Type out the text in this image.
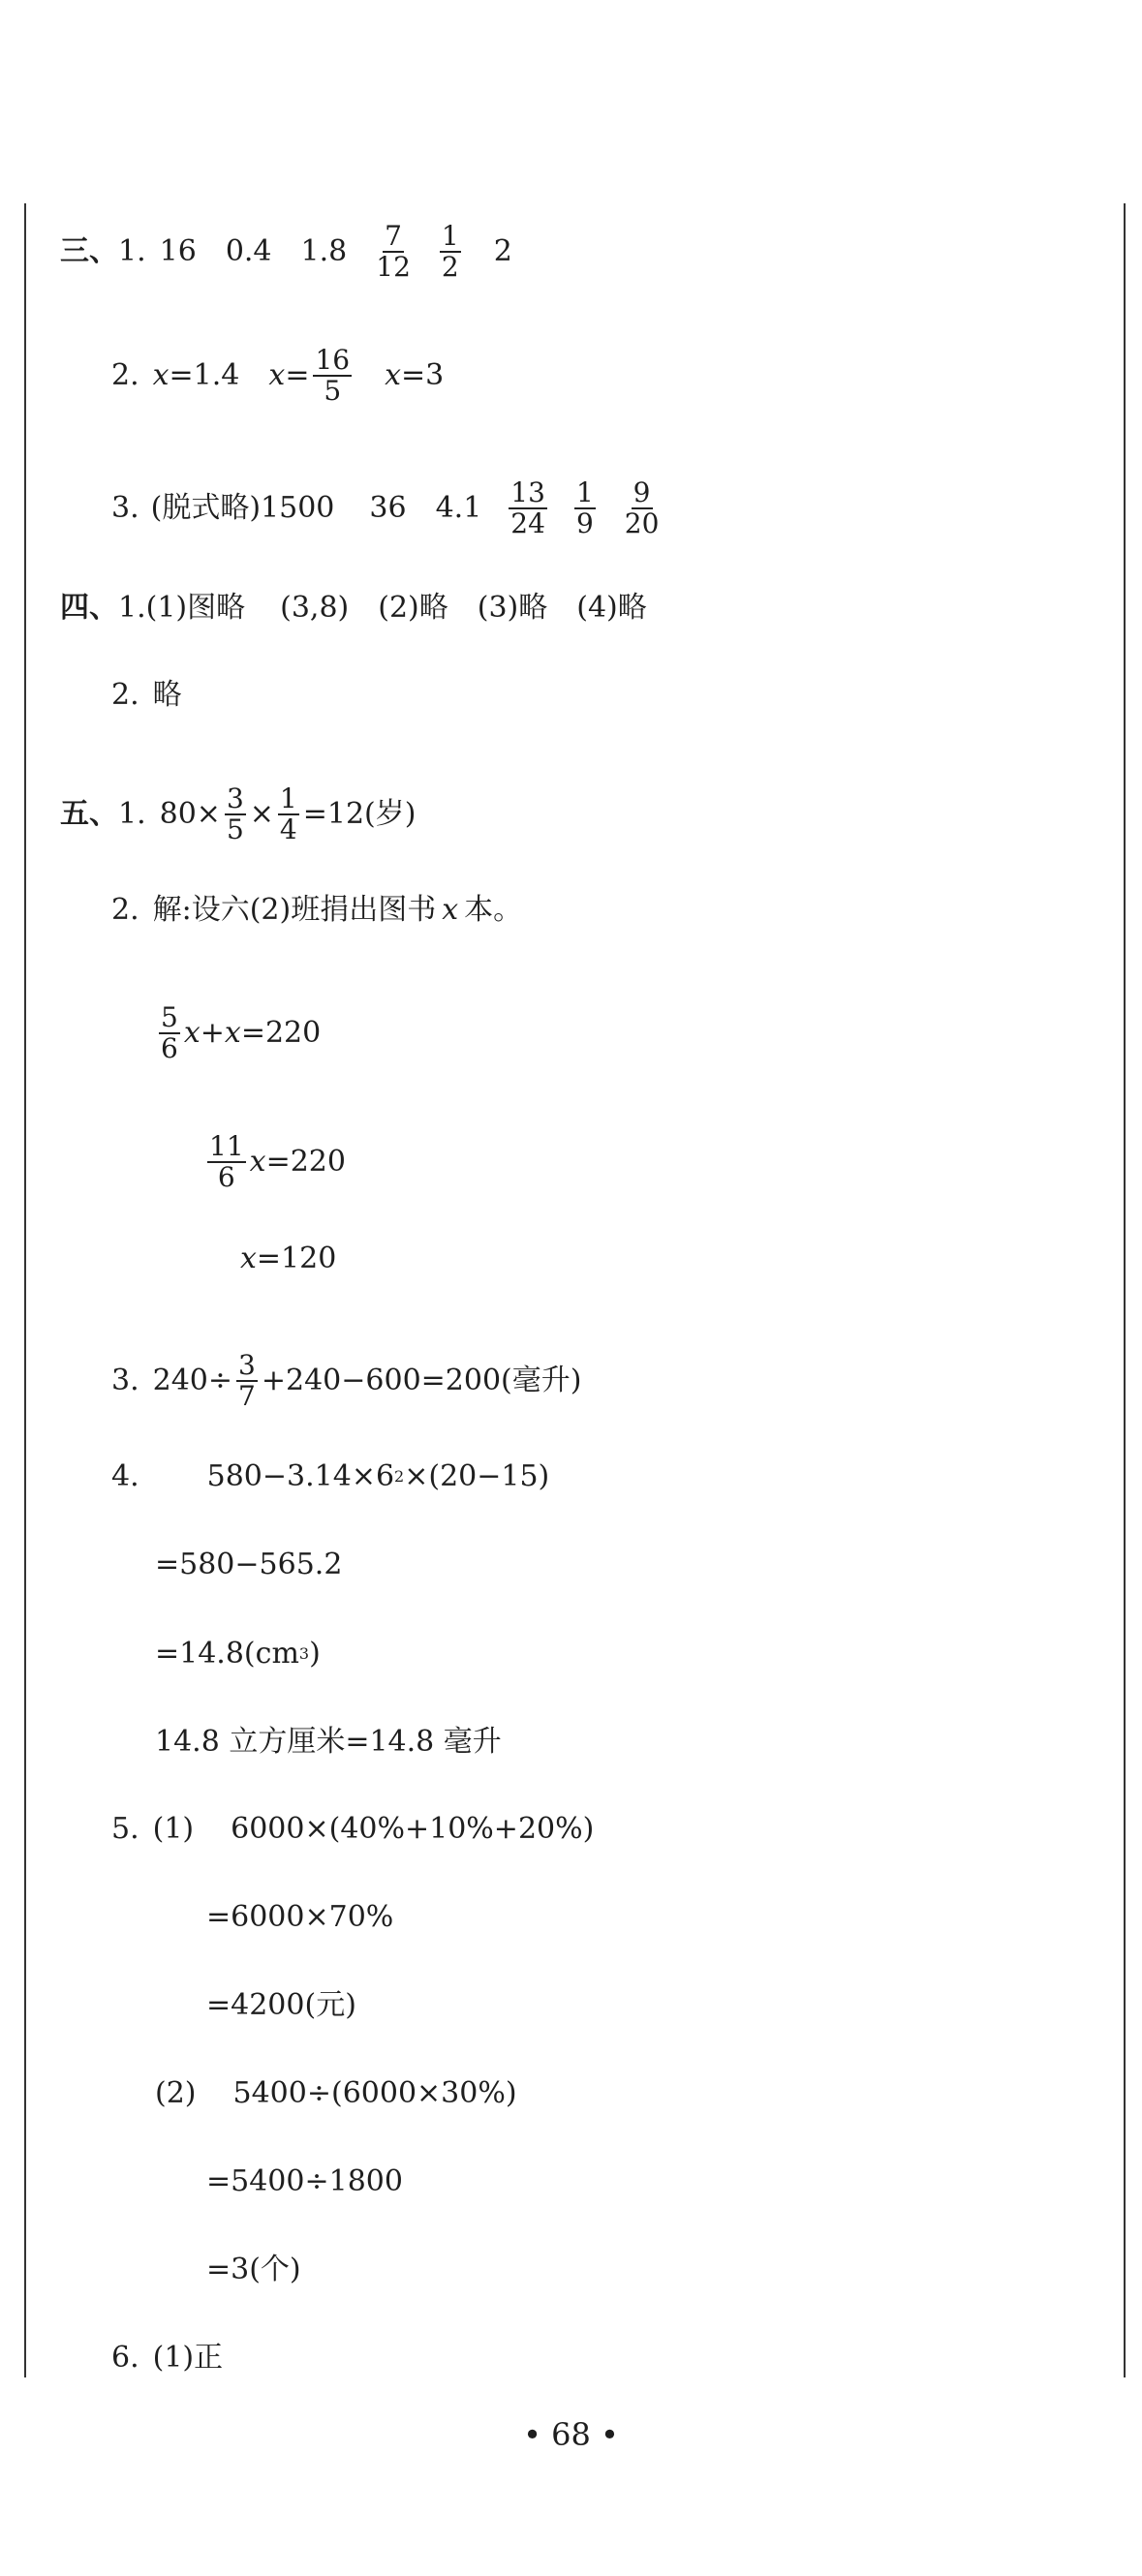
三、 1. 16 0.4 $1.8 \frac{7}{12} \frac{1}{2} 2$
2. x =1.4 $x = \frac{16}{5}$ x =3
3. (脱式略)1500 36 $4.1 \frac{13}{24} \frac{1}{9} \frac{9}{20}$
四、 1. (1)图略 (3,8) (2)略 (3)略 (4)略
2. 略
五、 1. $80\times \frac{3}{5} \times \frac{1}{4} =12$(岁)
2. 解:设六(2)班捐出图书 x 本。
$\frac{5}{6}$ x + x =220
$\frac{11}{6}$ x =220
x =120
3. $240\div \frac{3}{7} +240-600=200$(毫升)
4. 580−3.14×6 2 ×(20−15)
=580−565.2
=14.8(cm 3 )
14.8 立方厘米=14.8 毫升
5. (1) 6000×(40%+10%+20%)
=6000×70%
=4200(元)
(2) 5400÷(6000×30%)
=5400÷1800
=3(个)
6. (1)正
• 68 •
